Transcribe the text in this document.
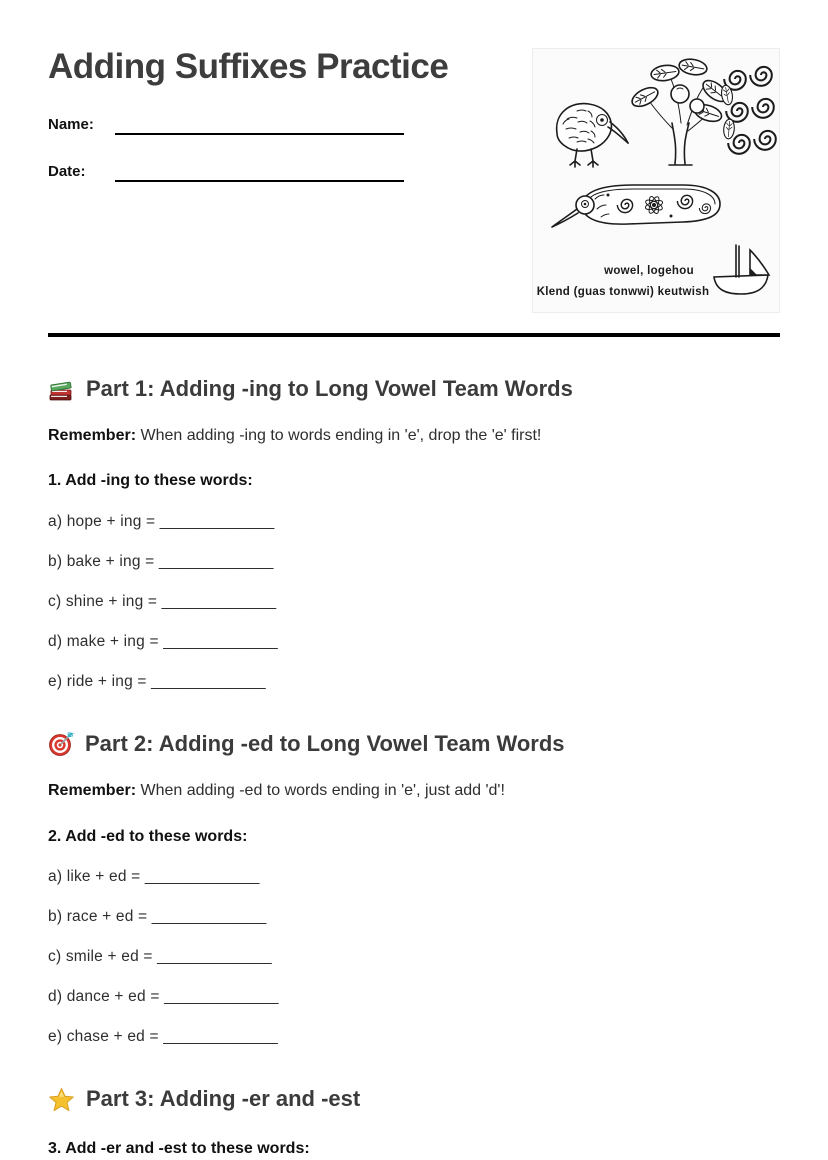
Adding Suffixes Practice
Name:
Date:
wowel, logehou
Klend (guas tonwwi) keutwish
Part 1: Adding -ing to Long Vowel Team Words

Remember: When adding -ing to words ending in 'e', drop the 'e' first!

1. Add -ing to these words:

a) hope + ing = _____________

b) bake + ing = _____________

c) shine + ing = _____________

d) make + ing = _____________

e) ride + ing = _____________

Part 2: Adding -ed to Long Vowel Team Words

Remember: When adding -ed to words ending in 'e', just add 'd'!

2. Add -ed to these words:

a) like + ed = _____________

b) race + ed = _____________

c) smile + ed = _____________

d) dance + ed = _____________

e) chase + ed = _____________

Part 3: Adding -er and -est

3. Add -er and -est to these words:
